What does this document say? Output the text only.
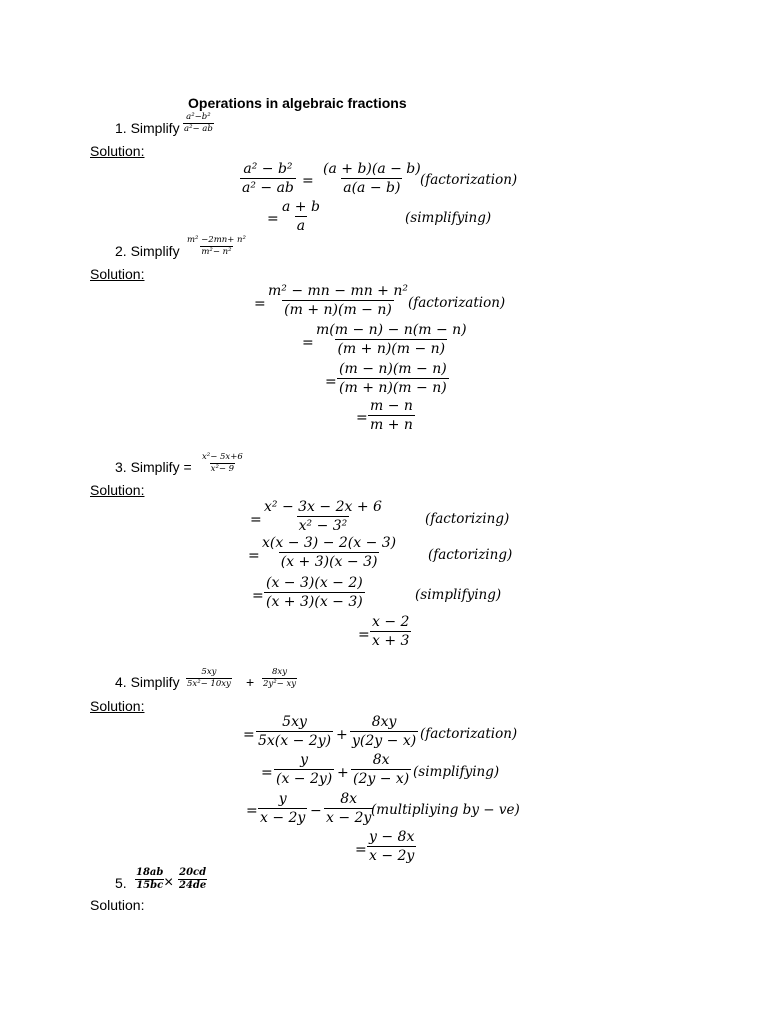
Operations in algebraic fractions
1. Simplify $\frac{\text{a²−b²}}{\text{a²− ab}}$
Solution:
$\frac{\text{a² − b²}}{\text{a² − ab}} = \frac{(a + b)(a - b)}{a(a - b)}$
(factorization)
= $\frac{a + b}{a}$	(simplifying)
2. Simplify $\frac{\text{m² −2mn+ n²}}{\text{m²− n²}}$
Solution:
= $\frac{\text{m² − mn − mn + n²}}{(m + n)(m - n)}$
(factorization)
= $\frac{m(m - n) - n(m - n)}{(m + n)(m - n)}$
= $\frac{(m - n)(m - n)}{(m + n)(m - n)}$
= $\frac{m - n}{m + n}$
3. Simplify = $\frac{\text{x²− 5x+6}}{\text{x²− 9}}$
Solution:
= $\frac{\text{x² − 3x − 2x + 6}}{\text{x² − 3²}}$	(factorizing)
= $\frac{x(x - 3) - 2(x - 3)}{(x + 3)(x - 3)}$ (factorizing)
= $\frac{(x - 3)(x - 2)}{(x + 3)(x - 3)}$	(simplifying)
= $\frac{x - 2}{x + 3}$
4. Simplify $\frac{5xy}{\text{5x²− 10xy}} + \frac{8xy}{\text{2y²− xy}}$
Solution:
= $\frac{5xy}{5x(x - 2y)} + \frac{8xy}{y(2y - x)}$ (factorization)
= $\frac{y}{(x - 2y)} + \frac{8x}{(2y - x)}$ (simplifying)
= $\frac{y}{x - 2y} - \frac{8x}{x - 2y}$
(multipliying by − ve)
= $\frac{y - 8x}{x - 2y}$
5. $\frac{18ab}{15bc} \times \frac{20cd}{24de}$
Solution:
